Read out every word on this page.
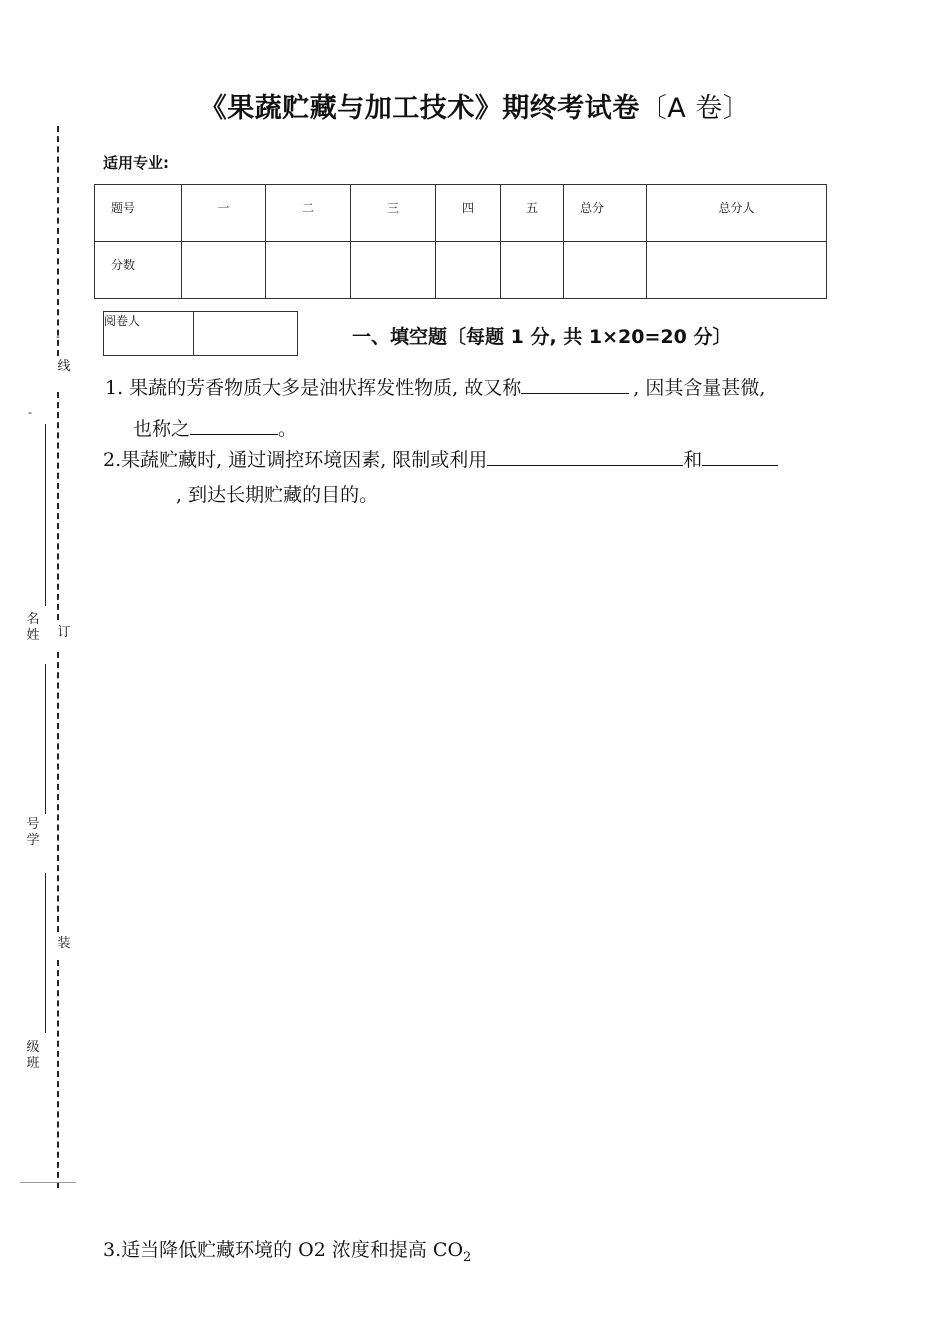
《果蔬贮藏与加工技术》期终考试卷〔A 卷〕
适用专业:
题号	一	二	三	四	五	总分	总分人
分数							
阅卷人	
一、填空题〔每题 1 分, 共 1×20=20 分〕
1. 果蔬的芳香物质大多是油状挥发性物质, 故又称	, 因其含量甚微,
也称之	。
2.果蔬贮藏时, 通过调控环境因素, 限制或利用	和
, 到达长期贮藏的目的。
3.适当降低贮藏环境的 O2 浓度和提高 $CO_2$
-
线
订
装
-
名姓
号学
级班
